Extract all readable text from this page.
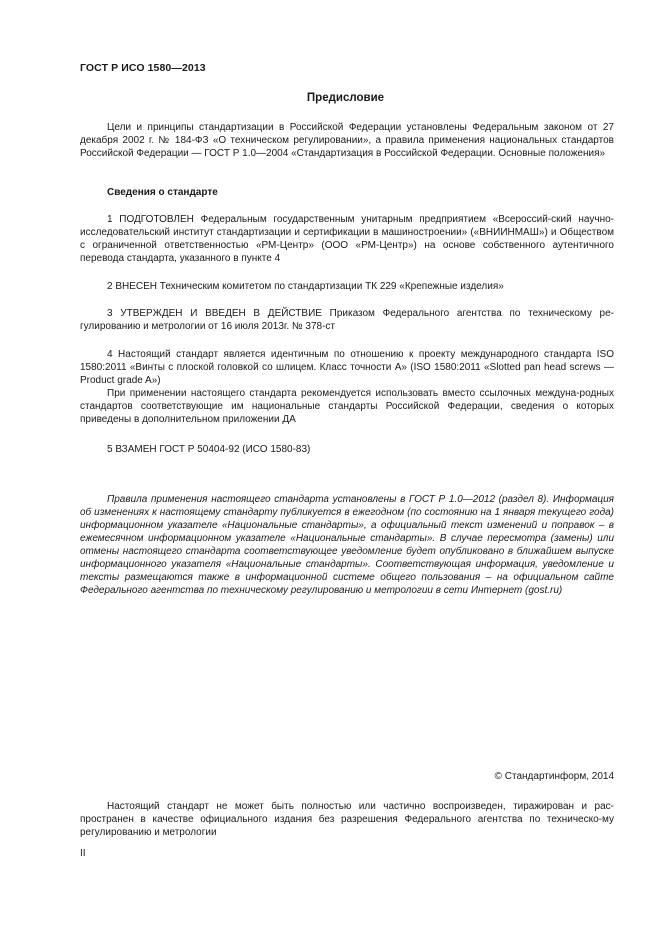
ГОСТ Р ИСО 1580—2013
Предисловие

Цели и принципы стандартизации в Российской Федерации установлены Федеральным законом от 27 декабря 2002 г. № 184-ФЗ «О техническом регулировании», а правила применения национальных стандартов Российской Федерации — ГОСТ Р 1.0—2004 «Стандартизация в Российской Федерации. Основные положения»

Сведения о стандарте

1 ПОДГОТОВЛЕН Федеральным государственным унитарным предприятием «Всероссий-ский научно-исследовательский институт стандартизации и сертификации в машиностроении» («ВНИИНМАШ») и Обществом с ограниченной ответственностью «РМ-Центр» (ООО «РМ-Центр») на основе собственного аутентичного перевода стандарта, указанного в пункте 4

2 ВНЕСЕН Техническим комитетом по стандартизации ТК 229 «Крепежные изделия»

3 УТВЕРЖДЕН И ВВЕДЕН В ДЕЙСТВИЕ Приказом Федерального агентства по техническому ре-гулированию и метрологии от 16 июля 2013г. № 378-ст

4 Настоящий стандарт является идентичным по отношению к проекту международного стандарта ISO 1580:2011 «Винты с плоской головкой со шлицем. Класс точности А» (ISO 1580:2011 «Slotted pan head screws — Product grade A»)

При применении настоящего стандарта рекомендуется использовать вместо ссылочных междуна-родных стандартов соответствующие им национальные стандарты Российской Федерации, сведения о которых приведены в дополнительном приложении ДА

5 ВЗАМЕН ГОСТ Р 50404-92 (ИСО 1580-83)

Правила применения настоящего стандарта установлены в ГОСТ Р 1.0—2012 (раздел 8). Информация об изменениях к настоящему стандарту публикуется в ежегодном (по состоянию на 1 января текущего года) информационном указателе «Национальные стандарты», а официальный текст изменений и поправок – в ежемесячном информационном указателе «Национальные стандарты». В случае пересмотра (замены) или отмены настоящего стандарта соответствующее уведомление будет опубликовано в ближайшем выпуске информационного указателя «Национальные стандарты». Соответствующая информация, уведомление и тексты размещаются также в информационной системе общего пользования – на официальном сайте Федерального агентства по техническому регулированию и метрологии в сети Интернет (gost.ru)

© Стандартинформ, 2014

Настоящий стандарт не может быть полностью или частично воспроизведен, тиражирован и рас-пространен в качестве официального издания без разрешения Федерального агентства по техническо-му регулированию и метрологии

II
